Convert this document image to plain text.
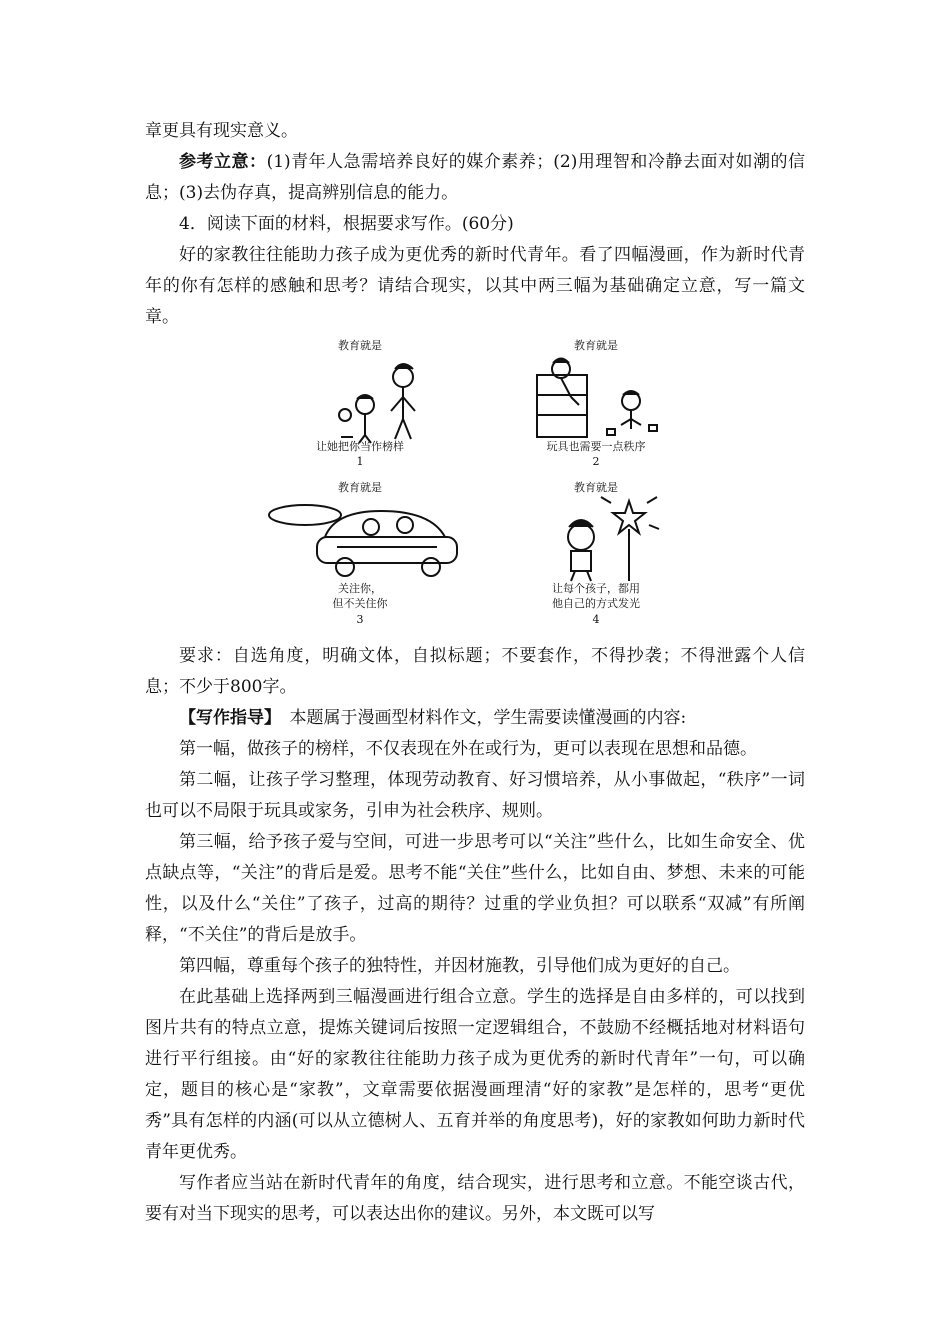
章更具有现实意义。

参考立意：(1)青年人急需培养良好的媒介素养；(2)用理智和冷静去面对如潮的信息；(3)去伪存真，提高辨别信息的能力。

4．阅读下面的材料，根据要求写作。(60分)

好的家教往往能助力孩子成为更优秀的新时代青年。看了四幅漫画，作为新时代青年的你有怎样的感触和思考？请结合现实，以其中两三幅为基础确定立意，写一篇文章。

教育就是
让她把你当作榜样
1
教育就是
玩具也需要一点秩序
2
教育就是
关注你，
但不关住你
3
教育就是
让每个孩子，都用
他自己的方式发光
4

要求：自选角度，明确文体，自拟标题；不要套作，不得抄袭；不得泄露个人信息；不少于800字。

【写作指导】　本题属于漫画型材料作文，学生需要读懂漫画的内容:

第一幅，做孩子的榜样，不仅表现在外在或行为，更可以表现在思想和品德。

第二幅，让孩子学习整理，体现劳动教育、好习惯培养，从小事做起，“秩序”一词也可以不局限于玩具或家务，引申为社会秩序、规则。

第三幅，给予孩子爱与空间，可进一步思考可以“关注”些什么，比如生命安全、优点缺点等，“关注”的背后是爱。思考不能“关住”些什么，比如自由、梦想、未来的可能性，以及什么“关住”了孩子，过高的期待？过重的学业负担？可以联系“双减”有所阐释，“不关住”的背后是放手。

第四幅，尊重每个孩子的独特性，并因材施教，引导他们成为更好的自己。

在此基础上选择两到三幅漫画进行组合立意。学生的选择是自由多样的，可以找到图片共有的特点立意，提炼关键词后按照一定逻辑组合，不鼓励不经概括地对材料语句进行平行组接。由“好的家教往往能助力孩子成为更优秀的新时代青年”一句，可以确定，题目的核心是“家教”，文章需要依据漫画理清“好的家教”是怎样的，思考“更优秀”具有怎样的内涵(可以从立德树人、五育并举的角度思考)，好的家教如何助力新时代青年更优秀。

写作者应当站在新时代青年的角度，结合现实，进行思考和立意。不能空谈古代，要有对当下现实的思考，可以表达出你的建议。另外，本文既可以写
